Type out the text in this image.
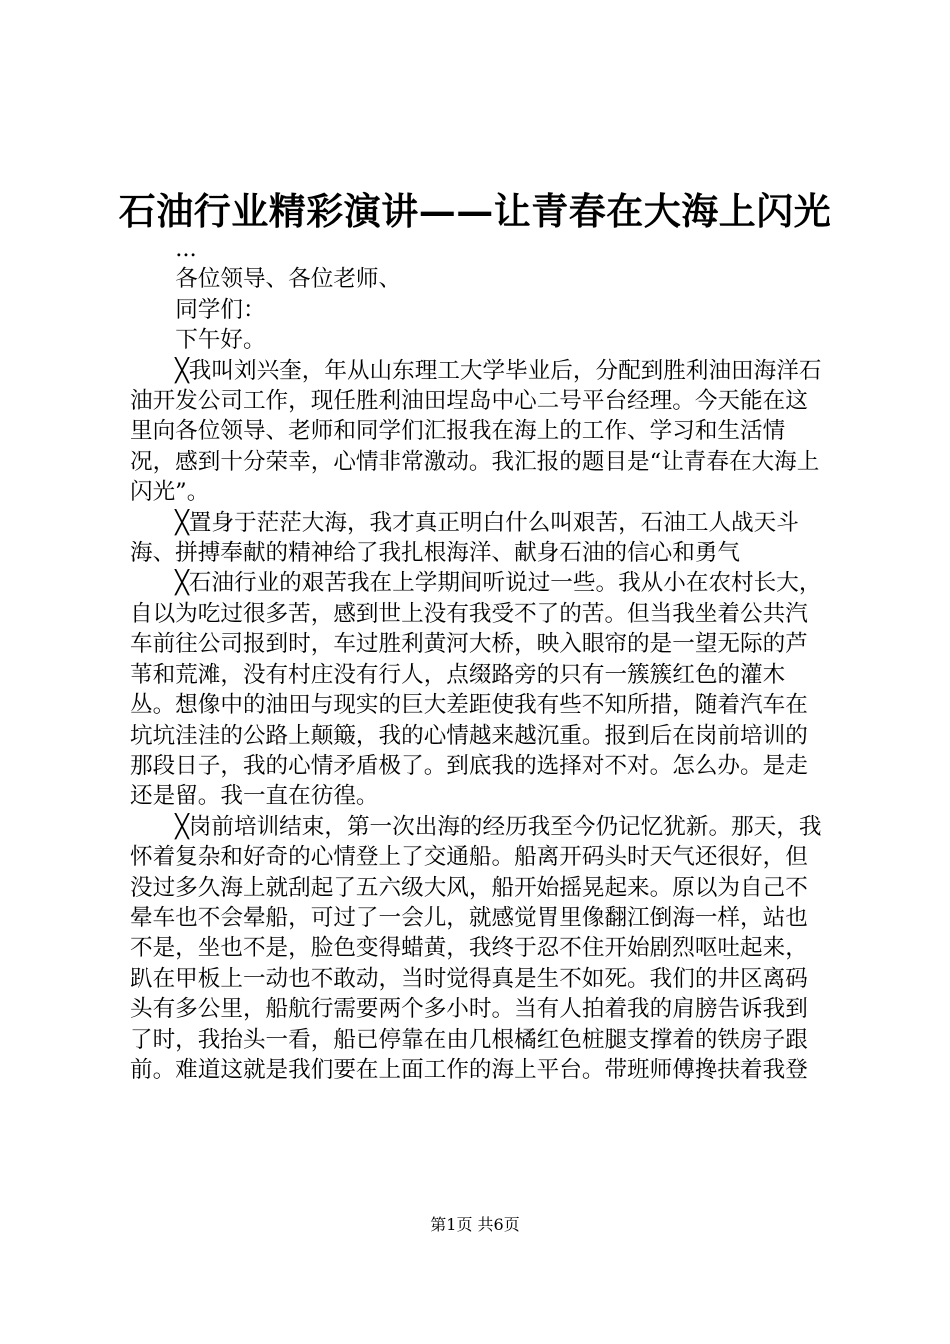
石油行业精彩演讲——让青春在大海上闪光

...

各位领导、各位老师、

同学们：

下午好。

╳我叫刘兴奎，年从山东理工大学毕业后，分配到胜利油田海洋石油开发公司工作，现任胜利油田埕岛中心二号平台经理。今天能在这里向各位领导、老师和同学们汇报我在海上的工作、学习和生活情况，感到十分荣幸，心情非常激动。我汇报的题目是“让青春在大海上闪光”。

╳置身于茫茫大海，我才真正明白什么叫艰苦，石油工人战天斗海、拼搏奉献的精神给了我扎根海洋、献身石油的信心和勇气

╳石油行业的艰苦我在上学期间听说过一些。我从小在农村长大，自以为吃过很多苦，感到世上没有我受不了的苦。但当我坐着公共汽车前往公司报到时，车过胜利黄河大桥，映入眼帘的是一望无际的芦苇和荒滩，没有村庄没有行人，点缀路旁的只有一簇簇红色的灌木丛。想像中的油田与现实的巨大差距使我有些不知所措，随着汽车在坑坑洼洼的公路上颠簸，我的心情越来越沉重。报到后在岗前培训的那段日子，我的心情矛盾极了。到底我的选择对不对。怎么办。是走还是留。我一直在彷徨。

╳岗前培训结束，第一次出海的经历我至今仍记忆犹新。那天，我怀着复杂和好奇的心情登上了交通船。船离开码头时天气还很好，但没过多久海上就刮起了五六级大风，船开始摇晃起来。原以为自己不晕车也不会晕船，可过了一会儿，就感觉胃里像翻江倒海一样，站也不是，坐也不是，脸色变得蜡黄，我终于忍不住开始剧烈呕吐起来，趴在甲板上一动也不敢动，当时觉得真是生不如死。我们的井区离码头有多公里，船航行需要两个多小时。当有人拍着我的肩膀告诉我到了时，我抬头一看，船已停靠在由几根橘红色桩腿支撑着的铁房子跟前。难道这就是我们要在上面工作的海上平台。带班师傅搀扶着我登

第1页 共6页
